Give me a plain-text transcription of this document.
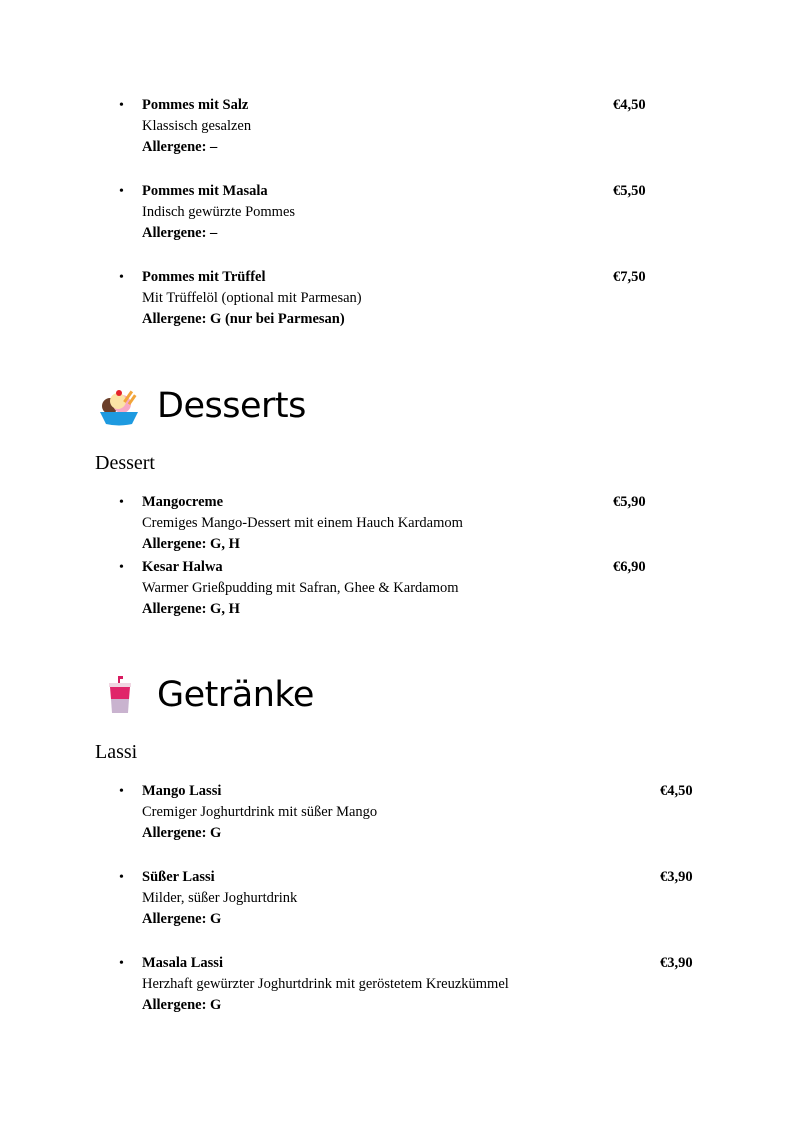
• Pommes mit Salz
Klassisch gesalzen
Allergene: –
€4,50
• Pommes mit Masala
Indisch gewürzte Pommes
Allergene: –
€5,50
• Pommes mit Trüffel
Mit Trüffelöl (optional mit Parmesan)
Allergene: G (nur bei Parmesan)
€7,50
Desserts
Dessert
• Mangocreme
Cremiges Mango-Dessert mit einem Hauch Kardamom
Allergene: G, H
€5,90
• Kesar Halwa
Warmer Grießpudding mit Safran, Ghee & Kardamom
Allergene: G, H
€6,90
Getränke
Lassi
• Mango Lassi
Cremiger Joghurtdrink mit süßer Mango
Allergene: G
€4,50
• Süßer Lassi
Milder, süßer Joghurtdrink
Allergene: G
€3,90
• Masala Lassi
Herzhaft gewürzter Joghurtdrink mit geröstetem Kreuzkümmel
Allergene: G
€3,90
